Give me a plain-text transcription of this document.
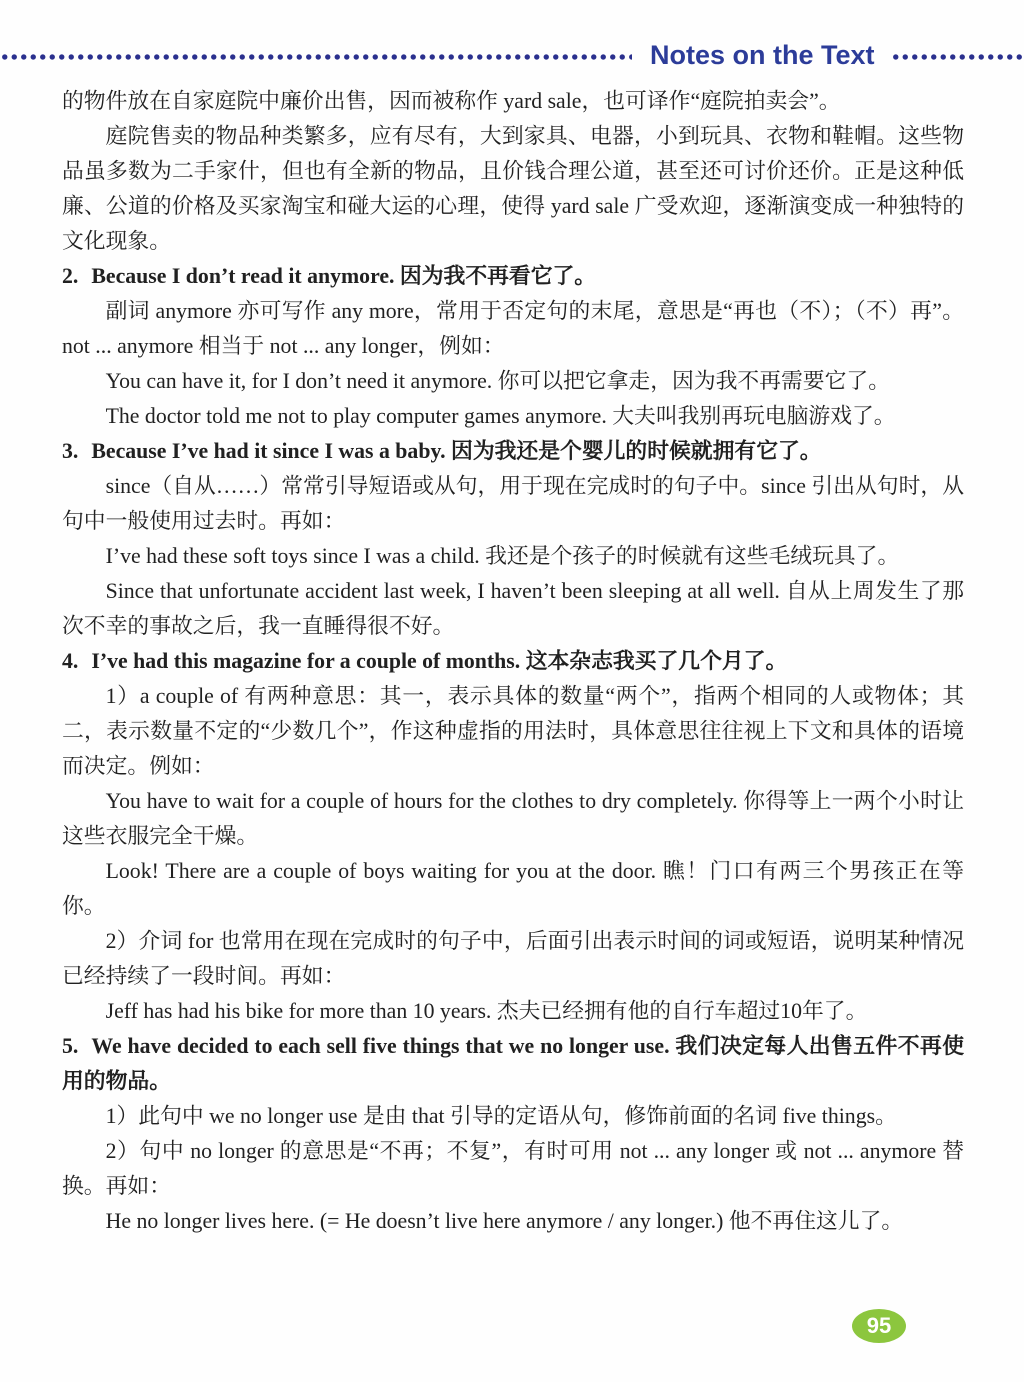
Notes on the Text

的物件放在自家庭院中廉价出售，因而被称作 yard sale，也可译作“庭院拍卖会”。

庭院售卖的物品种类繁多，应有尽有，大到家具、电器，小到玩具、衣物和鞋帽。这些物品虽多数为二手家什，但也有全新的物品，且价钱合理公道，甚至还可讨价还价。正是这种低廉、公道的价格及买家淘宝和碰大运的心理，使得 yard sale 广受欢迎，逐渐演变成一种独特的文化现象。

2. Because I don’t read it anymore. 因为我不再看它了。

副词 anymore 亦可写作 any more，常用于否定句的末尾，意思是“再也（不）；（不）再”。not ... anymore 相当于 not ... any longer，例如：

You can have it, for I don’t need it anymore. 你可以把它拿走，因为我不再需要它了。

The doctor told me not to play computer games anymore. 大夫叫我别再玩电脑游戏了。

3. Because I’ve had it since I was a baby. 因为我还是个婴儿的时候就拥有它了。

since（自从……）常常引导短语或从句，用于现在完成时的句子中。since 引出从句时，从句中一般使用过去时。再如：

I’ve had these soft toys since I was a child. 我还是个孩子的时候就有这些毛绒玩具了。

Since that unfortunate accident last week, I haven’t been sleeping at all well. 自从上周发生了那次不幸的事故之后，我一直睡得很不好。

4. I’ve had this magazine for a couple of months. 这本杂志我买了几个月了。

1）a couple of 有两种意思：其一，表示具体的数量“两个”，指两个相同的人或物体；其二，表示数量不定的“少数几个”，作这种虚指的用法时，具体意思往往视上下文和具体的语境而决定。例如：

You have to wait for a couple of hours for the clothes to dry completely. 你得等上一两个小时让这些衣服完全干燥。

Look! There are a couple of boys waiting for you at the door. 瞧！门口有两三个男孩正在等你。

2）介词 for 也常用在现在完成时的句子中，后面引出表示时间的词或短语，说明某种情况已经持续了一段时间。再如：

Jeff has had his bike for more than 10 years. 杰夫已经拥有他的自行车超过10年了。

5. We have decided to each sell five things that we no longer use. 我们决定每人出售五件不再使用的物品。

1）此句中 we no longer use 是由 that 引导的定语从句，修饰前面的名词 five things。

2）句中 no longer 的意思是“不再；不复”，有时可用 not ... any longer 或 not ... anymore 替换。再如：

He no longer lives here. (= He doesn’t live here anymore / any longer.) 他不再住这儿了。

95
